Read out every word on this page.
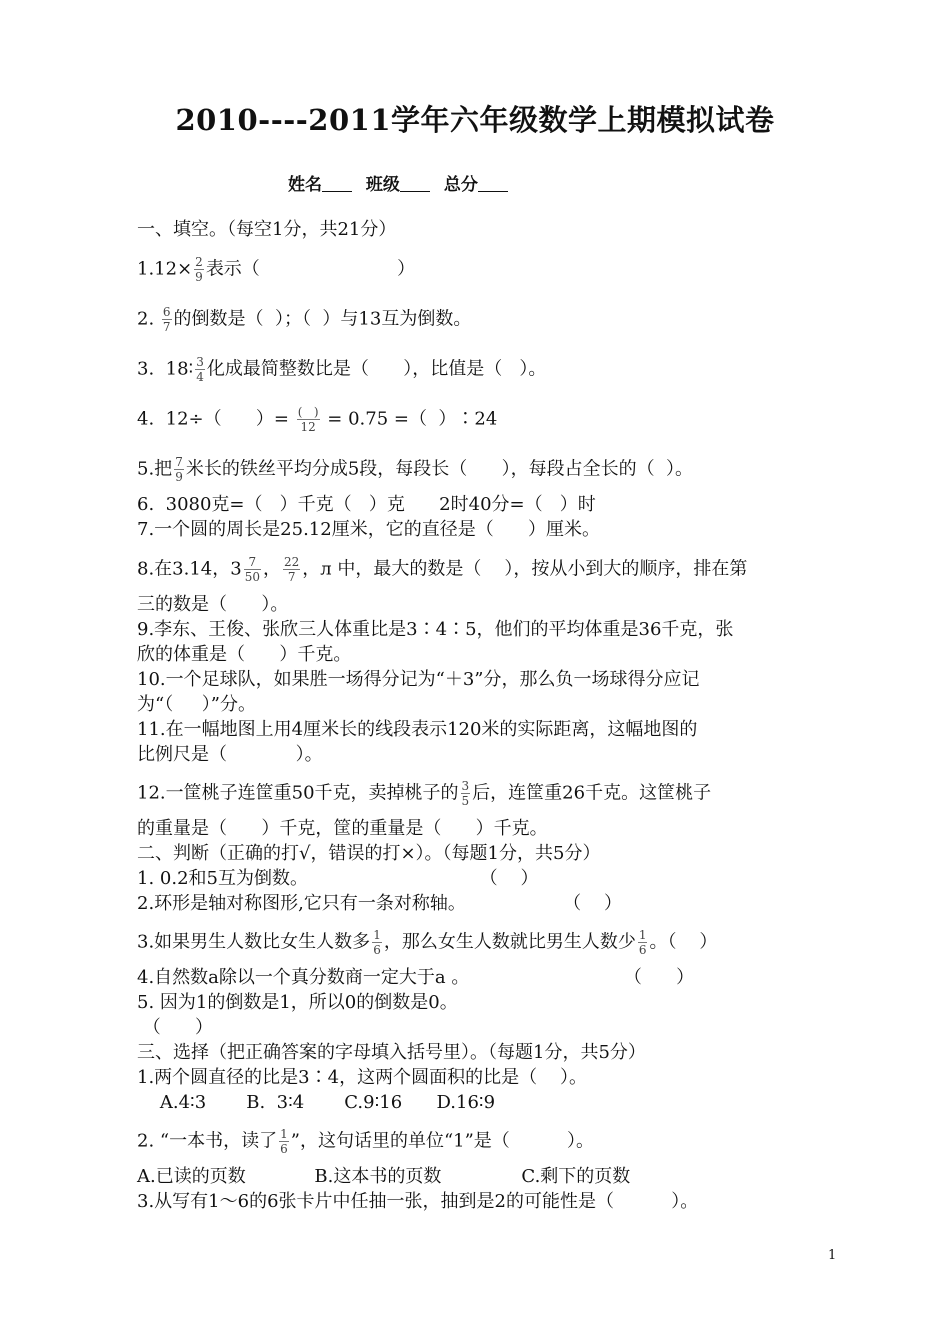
2010----2011学年六年级数学上期模拟试卷
姓名	班级	总分
一、填空。（每空1分，共21分）
$1.12\times \frac{2}{9}$ 表示（                        ）
2. $\frac{6}{7}$ 的倒数是（  ）；（  ）与13互为倒数。
3.  18∶ $\frac{3}{4}$ 化成最简整数比是（      ），比值是（   ）。
4.  12÷（      ）= $\frac{( )}{12} = 0.75$ =（  ）∶24
5.把 $\frac{7}{9}$ 米长的铁丝平均分成5段，每段长（      ），每段占全长的（  ）。
6.  3080克=（   ）千克（   ）克      2时40分=（   ）时
7.一个圆的周长是25.12厘米，它的直径是（      ）厘米。
8.在3.14，$3 \frac{7}{50}$ ， $\frac{22}{7}$ ，л 中，最大的数是（    ），按从小到大的顺序，排在第
三的数是（      ）。
9.李东、王俊、张欣三人体重比是3∶4∶5，他们的平均体重是36千克，张
欣的体重是（      ）千克。
10.一个足球队，如果胜一场得分记为“＋3”分，那么负一场球得分应记
为“（     ）”分。
11.在一幅地图上用4厘米长的线段表示120米的实际距离，这幅地图的
比例尺是（            ）。
12.一筐桃子连筐重50千克，卖掉桃子的 $\frac{3}{5}$ 后，连筐重26千克。这筐桃子
的重量是（      ）千克，筐的重量是（      ）千克。
二、判断（正确的打√，错误的打×）。（每题1分，共5分）
1. 0.2和5互为倒数。                              （    ）
2.环形是轴对称图形,它只有一条对称轴。                 （    ）
3.如果男生人数比女生人数多 $\frac{1}{6}$ ，那么女生人数就比男生人数少 $\frac{1}{6}$ 。（    ）
4.自然数a除以一个真分数商一定大于a 。                           （      ）
5. 因为1的倒数是1，所以0的倒数是0。
（      ）
三、选择（把正确答案的字母填入括号里）。（每题1分，共5分）
1.两个圆直径的比是3∶4，这两个圆面积的比是（    ）。
A.4∶3       B.  3∶4       C.9∶16      D.16∶9
2. “一本书，读了 $\frac{1}{6}$ ”，这句话里的单位“1”是（          ）。
A.已读的页数            B.这本书的页数              C.剩下的页数
3.从写有1～6的6张卡片中任抽一张，抽到是2的可能性是（          ）。
1
